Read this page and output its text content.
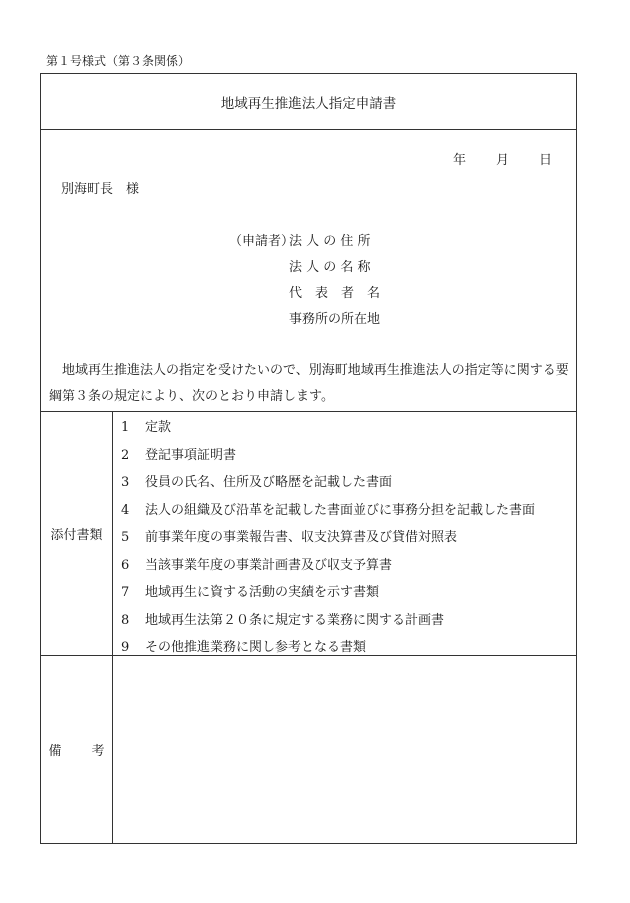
第１号様式（第３条関係）
地域再生推進法人指定申請書
年 月 日
別海町長　様
（申請者）
法 人 の 住 所
法 人 の 名 称
代　表　者　名
事務所の所在地
　地域再生推進法人の指定を受けたいので、別海町地域再生推進法人の指定等に関する要綱第３条の規定により、次のとおり申請します。
添付書類
1 定款
2 登記事項証明書
3 役員の氏名、住所及び略歴を記載した書面
4 法人の組織及び沿革を記載した書面並びに事務分担を記載した書面
5 前事業年度の事業報告書、収支決算書及び貸借対照表
6 当該事業年度の事業計画書及び収支予算書
7 地域再生に資する活動の実績を示す書類
8 地域再生法第２０条に規定する業務に関する計画書
9 その他推進業務に関し参考となる書類
備 考
